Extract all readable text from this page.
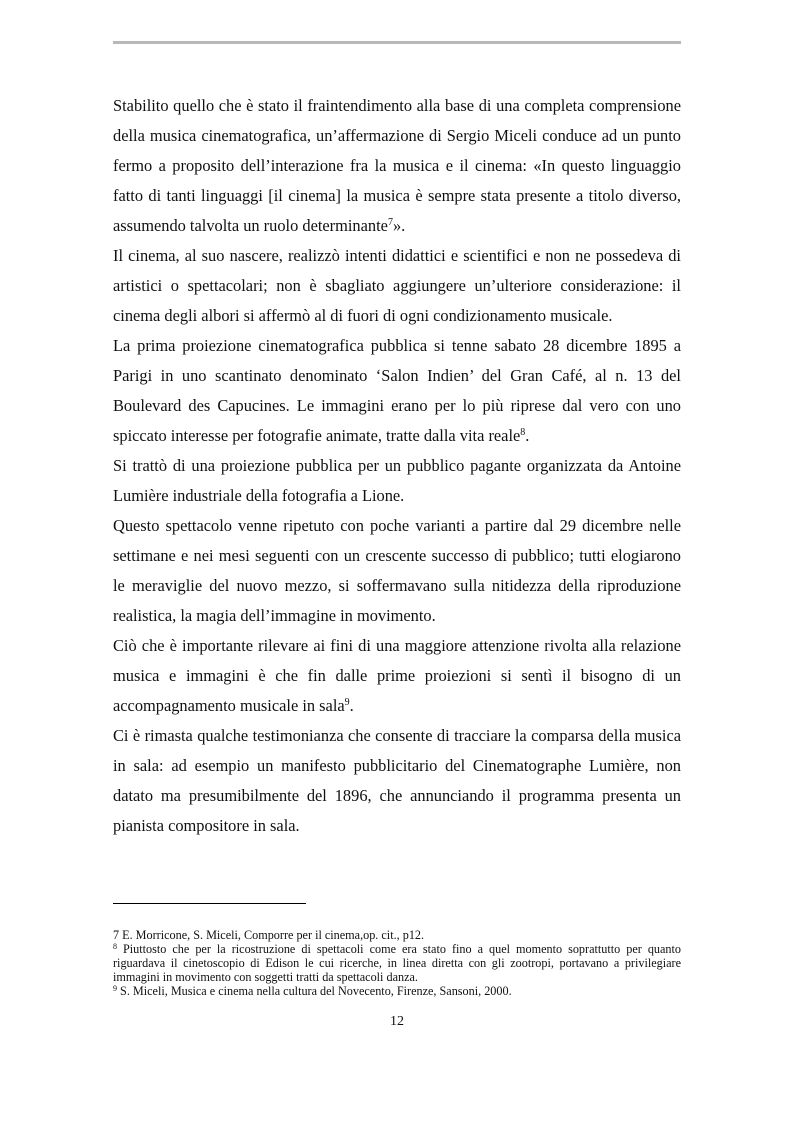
Stabilito quello che è stato il fraintendimento alla base di una completa comprensione della musica cinematografica, un’affermazione di Sergio Miceli conduce ad un punto fermo a proposito dell’interazione fra la musica e il cinema: «In questo linguaggio fatto di tanti linguaggi [il cinema] la musica è sempre stata presente a titolo diverso, assumendo talvolta un ruolo determinante$^7$».

Il cinema, al suo nascere, realizzò intenti didattici e scientifici e non ne possedeva di artistici o spettacolari; non è sbagliato aggiungere un’ulteriore considerazione: il cinema degli albori si affermò al di fuori di ogni condizionamento musicale.

La prima proiezione cinematografica pubblica si tenne sabato 28 dicembre 1895 a Parigi in uno scantinato denominato ‘Salon Indien’ del Gran Café, al n. 13 del Boulevard des Capucines. Le immagini erano per lo più riprese dal vero con uno spiccato interesse per fotografie animate, tratte dalla vita reale$^8$.

Si trattò di una proiezione pubblica per un pubblico pagante organizzata da Antoine Lumière industriale della fotografia a Lione.

Questo spettacolo venne ripetuto con poche varianti a partire dal 29 dicembre nelle settimane e nei mesi seguenti con un crescente successo di pubblico; tutti elogiarono le meraviglie del nuovo mezzo, si soffermavano sulla nitidezza della riproduzione realistica, la magia dell’immagine in movimento.

Ciò che è importante rilevare ai fini di una maggiore attenzione rivolta alla relazione musica e immagini è che fin dalle prime proiezioni si sentì il bisogno di un accompagnamento musicale in sala$^9$.

Ci è rimasta qualche testimonianza che consente di tracciare la comparsa della musica in sala: ad esempio un manifesto pubblicitario del Cinematographe Lumière, non datato ma presumibilmente del 1896, che annunciando il programma presenta un pianista compositore in sala.

7 E. Morricone, S. Miceli, Comporre per il cinema,op. cit., p12.

$^8$ Piuttosto che per la ricostruzione di spettacoli come era stato fino a quel momento soprattutto per quanto riguardava il cinetoscopio di Edison le cui ricerche, in linea diretta con gli zootropi, portavano a privilegiare immagini in movimento con soggetti tratti da spettacoli danza.

$^9$ S. Miceli, Musica e cinema nella cultura del Novecento, Firenze, Sansoni, 2000.

12
